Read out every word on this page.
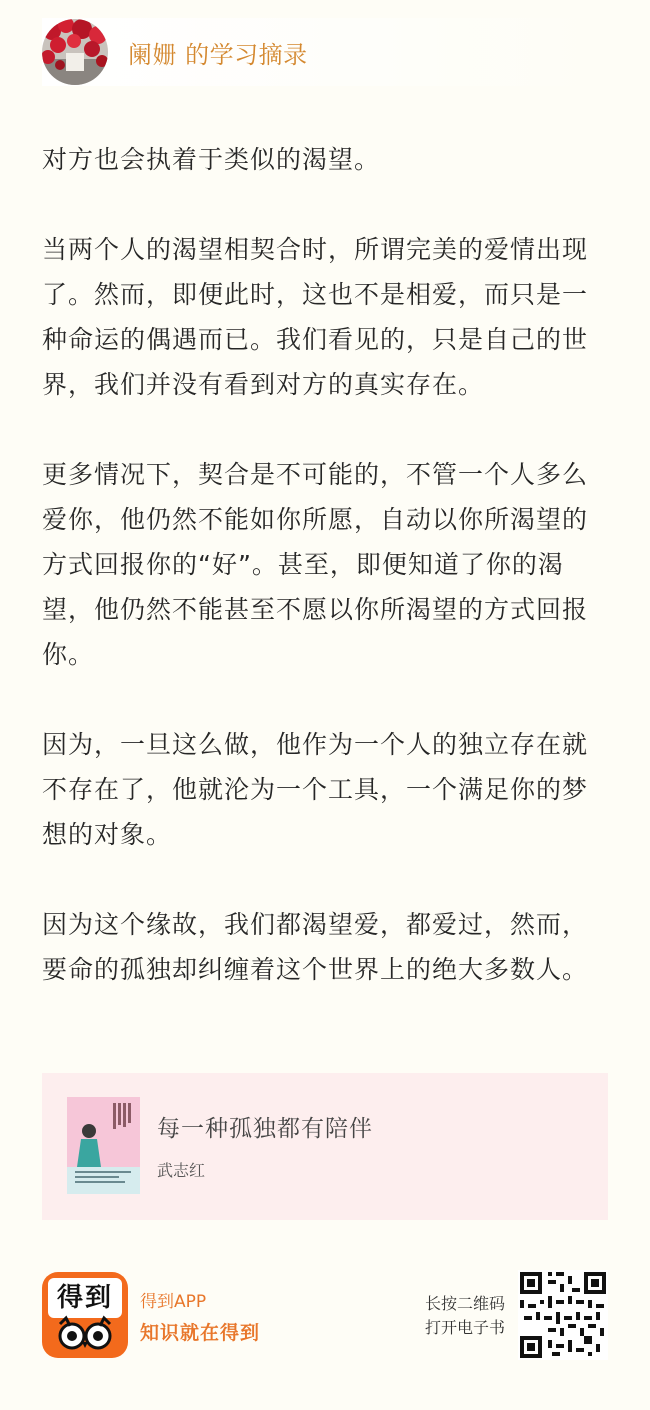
阑姗 的学习摘录

对方也会执着于类似的渴望。

当两个人的渴望相契合时，所谓完美的爱情出现了。然而，即便此时，这也不是相爱，而只是一种命运的偶遇而已。我们看见的，只是自己的世界，我们并没有看到对方的真实存在。

更多情况下，契合是不可能的，不管一个人多么爱你，他仍然不能如你所愿，自动以你所渴望的方式回报你的“好”。甚至，即便知道了你的渴望，他仍然不能甚至不愿以你所渴望的方式回报你。

因为，一旦这么做，他作为一个人的独立存在就不存在了，他就沦为一个工具，一个满足你的梦想的对象。

因为这个缘故，我们都渴望爱，都爱过，然而，要命的孤独却纠缠着这个世界上的绝大多数人。

每一种孤独都有陪伴
武志红
得到	得到APP
知识就在得到
长按二维码
打开电子书
